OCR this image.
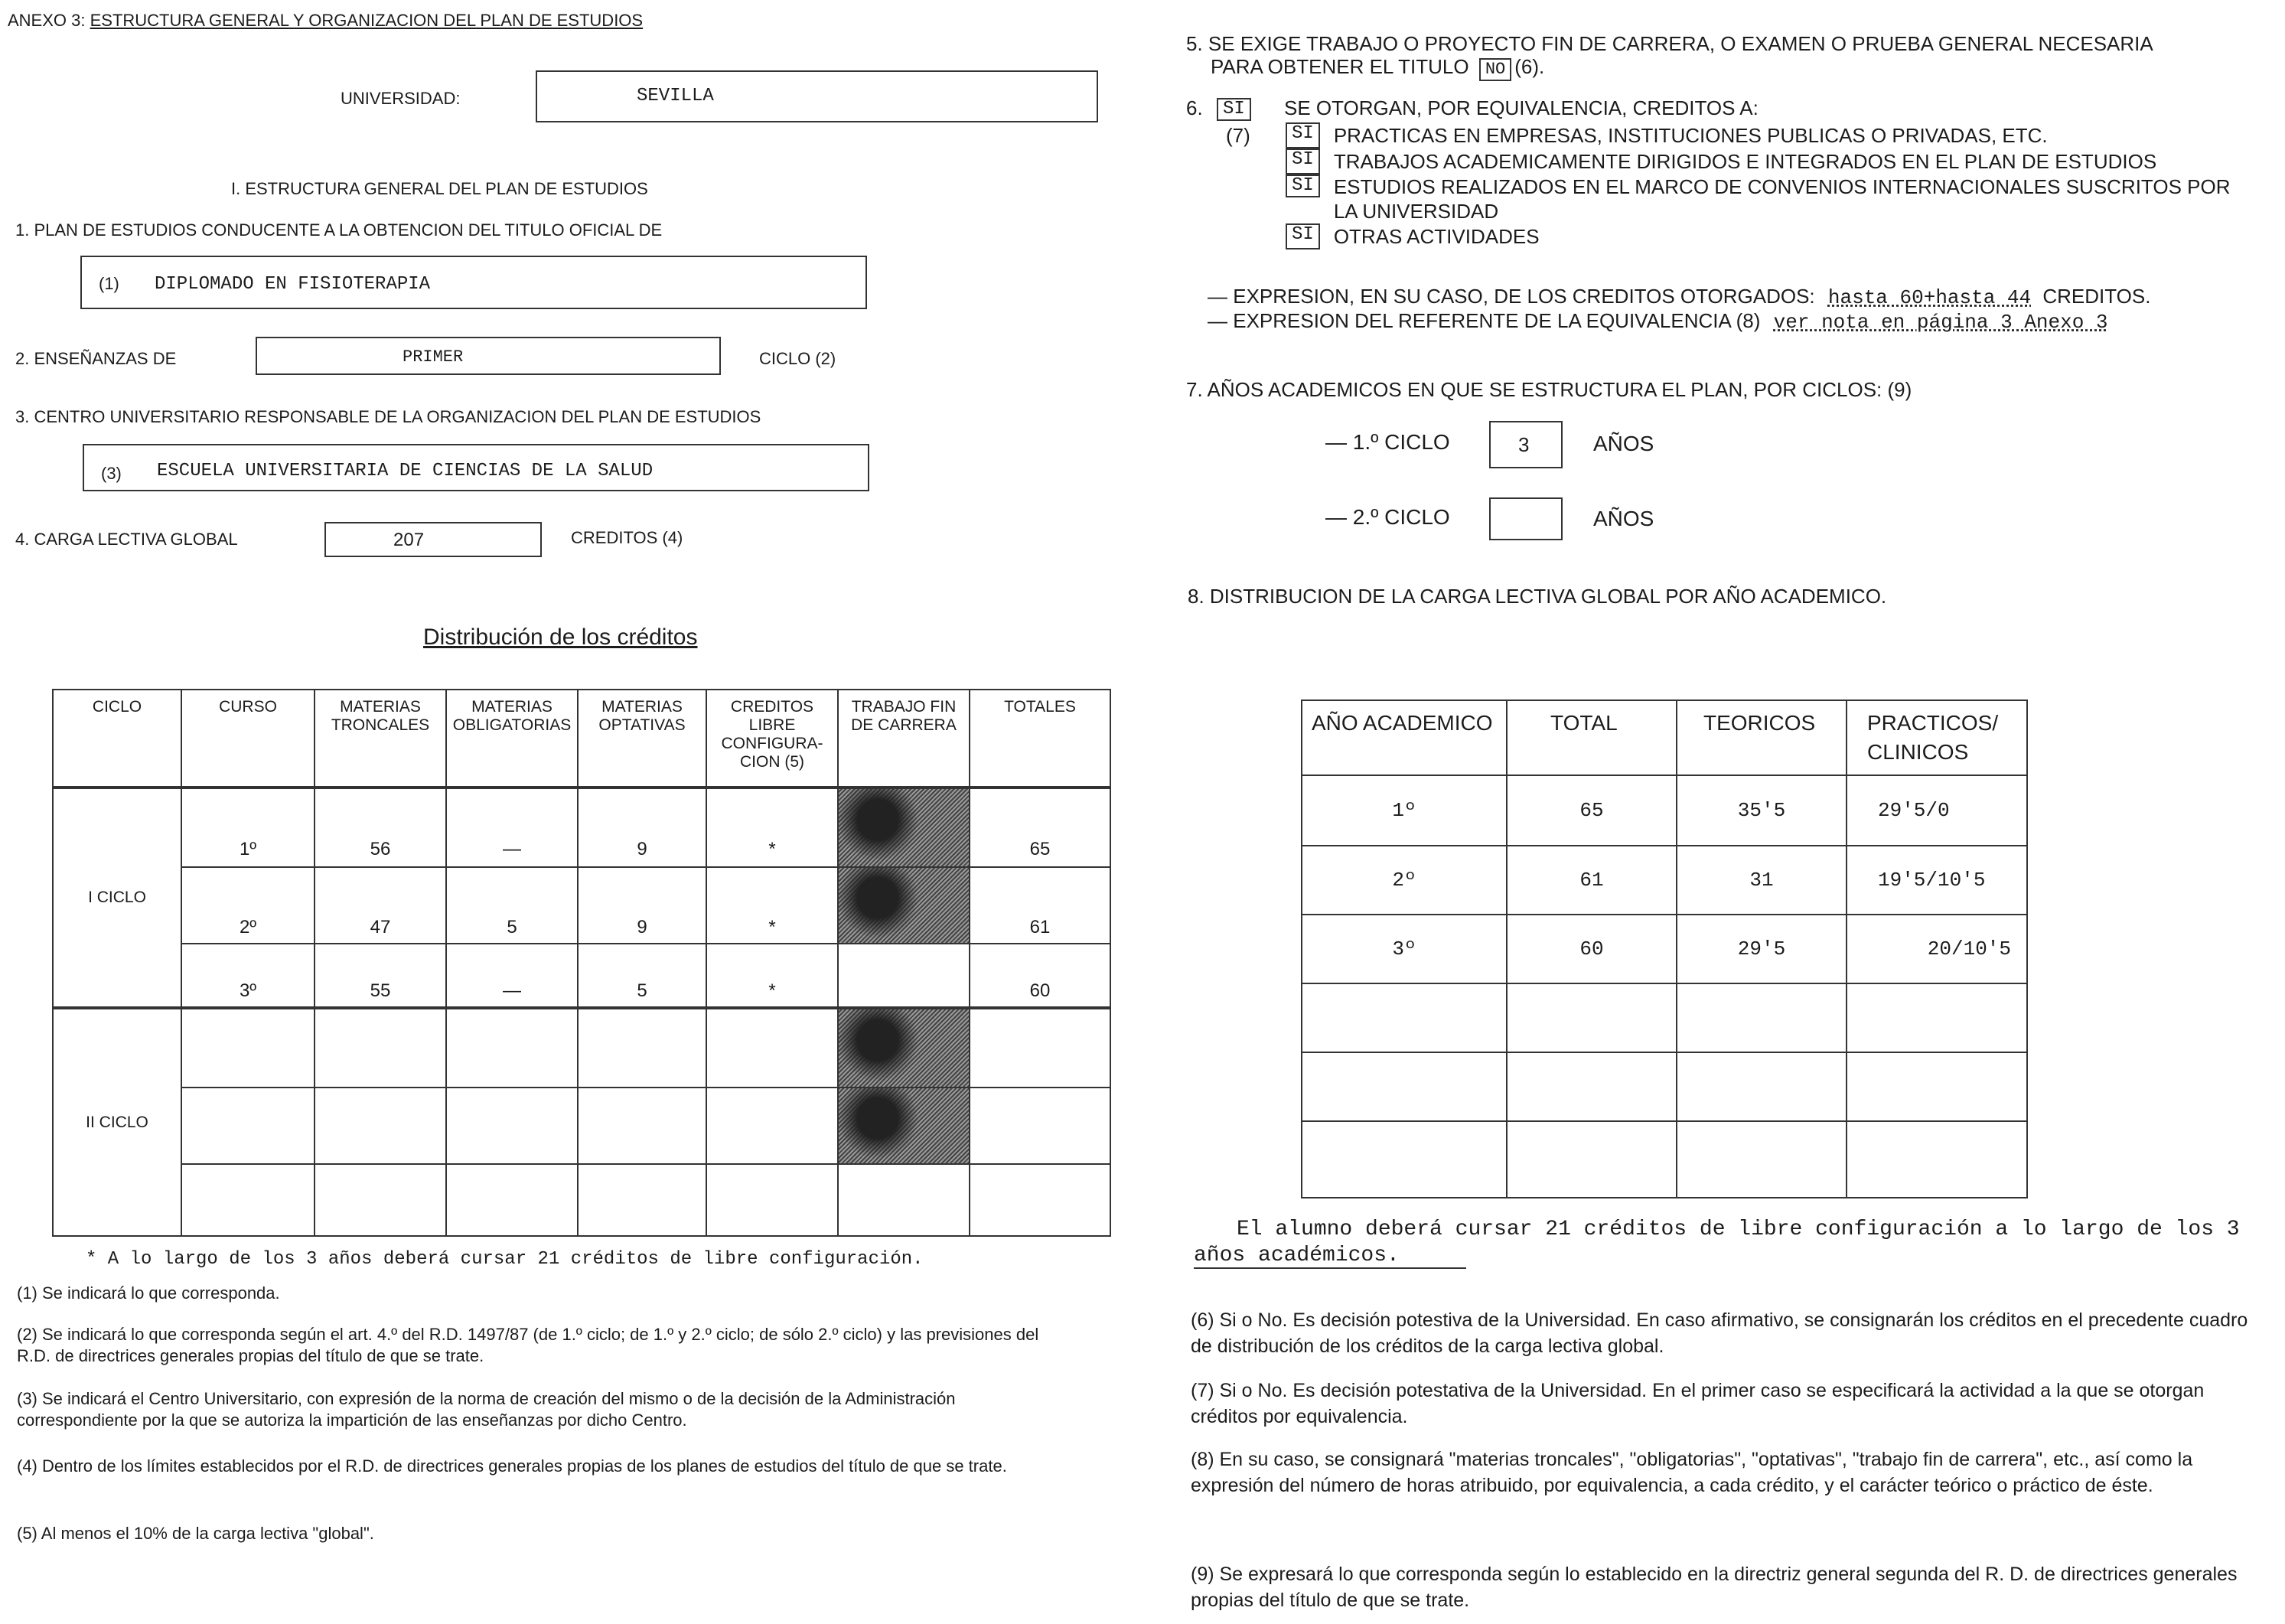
ANEXO 3: ESTRUCTURA GENERAL Y ORGANIZACION DEL PLAN DE ESTUDIOS
UNIVERSIDAD:	SEVILLA
I. ESTRUCTURA GENERAL DEL PLAN DE ESTUDIOS
1. PLAN DE ESTUDIOS CONDUCENTE A LA OBTENCION DEL TITULO OFICIAL DE
(1) DIPLOMADO EN FISIOTERAPIA
2. ENSEÑANZAS DE	PRIMER	CICLO (2)
3. CENTRO UNIVERSITARIO RESPONSABLE DE LA ORGANIZACION DEL PLAN DE ESTUDIOS
(3) ESCUELA UNIVERSITARIA DE CIENCIAS DE LA SALUD
4. CARGA LECTIVA GLOBAL	207	CREDITOS (4)
Distribución de los créditos
CICLO	CURSO	MATERIAS TRONCALES	MATERIAS OBLIGATORIAS	MATERIAS OPTATIVAS	CREDITOS LIBRE CONFIGURA-CION (5)	TRABAJO FIN DE CARRERA	TOTALES
I CICLO	1º	56	—	9	*		65
	2º	47	5	9	*		61
	3º	55	—	5	*		60
II CICLO							

* A lo largo de los 3 años deberá cursar 21 créditos de libre configuración.
(1) Se indicará lo que corresponda.
(2) Se indicará lo que corresponda según el art. 4.º del R.D. 1497/87 (de 1.º ciclo; de 1.º y 2.º ciclo; de sólo 2.º ciclo) y las previsiones del R.D. de directrices generales propias del título de que se trate.
(3) Se indicará el Centro Universitario, con expresión de la norma de creación del mismo o de la decisión de la Administración correspondiente por la que se autoriza la impartición de las enseñanzas por dicho Centro.
(4) Dentro de los límites establecidos por el R.D. de directrices generales propias de los planes de estudios del título de que se trate.
(5) Al menos el 10% de la carga lectiva "global".
5. SE EXIGE TRABAJO O PROYECTO FIN DE CARRERA, O EXAMEN O PRUEBA GENERAL NECESARIA
PARA OBTENER EL TITULO NO (6).
6.	SI
(7)
SE OTORGAN, POR EQUIVALENCIA, CREDITOS A:
SI	PRACTICAS EN EMPRESAS, INSTITUCIONES PUBLICAS O PRIVADAS, ETC.
SI	TRABAJOS ACADEMICAMENTE DIRIGIDOS E INTEGRADOS EN EL PLAN DE ESTUDIOS
SI	ESTUDIOS REALIZADOS EN EL MARCO DE CONVENIOS INTERNACIONALES SUSCRITOS POR LA UNIVERSIDAD
SI	OTRAS ACTIVIDADES
— EXPRESION, EN SU CASO, DE LOS CREDITOS OTORGADOS: hasta 60+hasta 44 CREDITOS.
— EXPRESION DEL REFERENTE DE LA EQUIVALENCIA (8) ver nota en página 3 Anexo 3
7. AÑOS ACADEMICOS EN QUE SE ESTRUCTURA EL PLAN, POR CICLOS: (9)
— 1.º CICLO	3	AÑOS
— 2.º CICLO	AÑOS
8. DISTRIBUCION DE LA CARGA LECTIVA GLOBAL POR AÑO ACADEMICO.
AÑO ACADEMICO	TOTAL	TEORICOS	PRACTICOS/ CLINICOS
1º	65	35'5	29'5/0
2º	61	31	19'5/10'5
3º	60	29'5	20/10'5

El alumno deberá cursar 21 créditos de libre configuración a lo largo de los 3 años académicos.
(6) Si o No. Es decisión potestiva de la Universidad. En caso afirmativo, se consignarán los créditos en el precedente cuadro de distribución de los créditos de la carga lectiva global.
(7) Si o No. Es decisión potestativa de la Universidad. En el primer caso se especificará la actividad a la que se otorgan créditos por equivalencia.
(8) En su caso, se consignará "materias troncales", "obligatorias", "optativas", "trabajo fin de carrera", etc., así como la expresión del número de horas atribuido, por equivalencia, a cada crédito, y el carácter teórico o práctico de éste.
(9) Se expresará lo que corresponda según lo establecido en la directriz general segunda del R. D. de directrices generales propias del título de que se trate.
